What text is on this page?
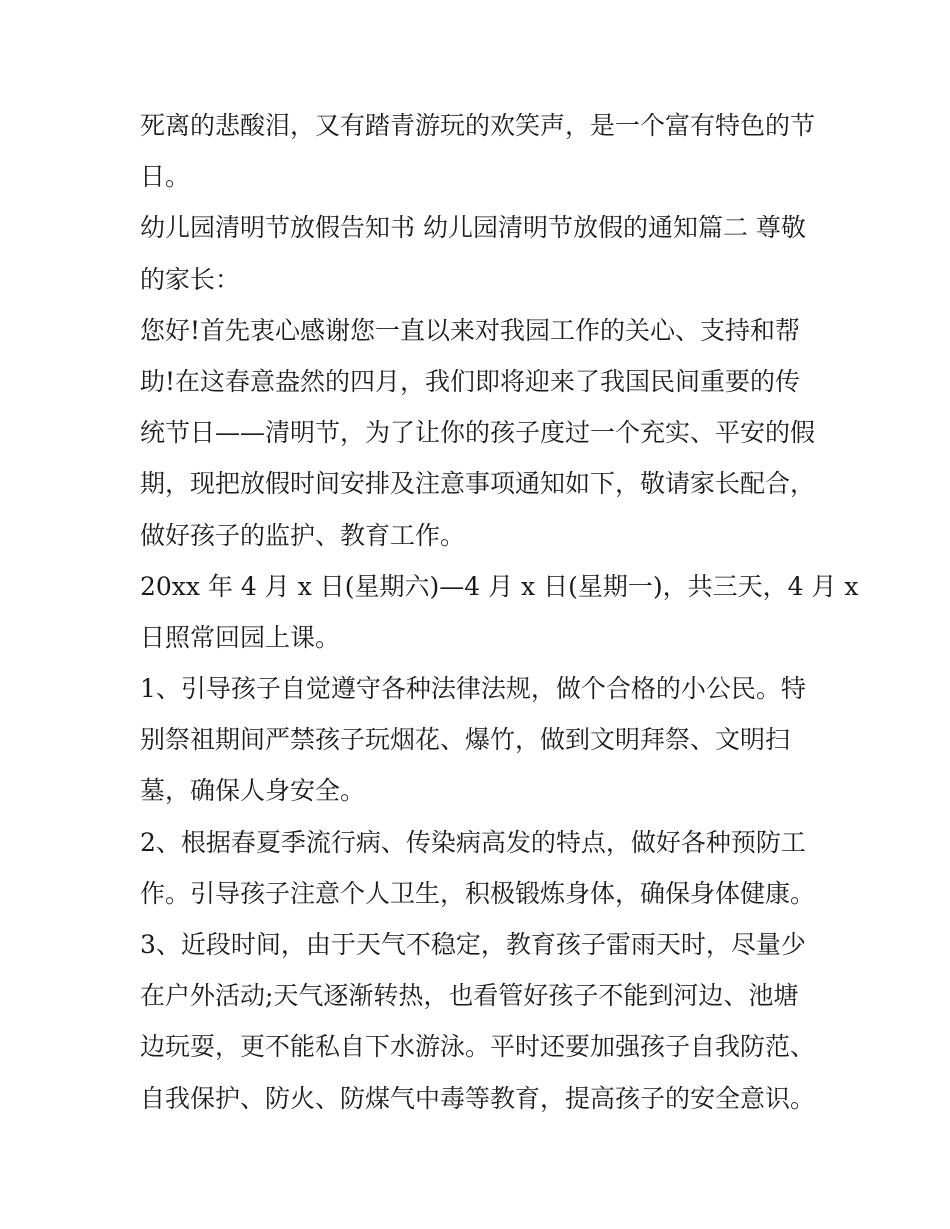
死离的悲酸泪，又有踏青游玩的欢笑声，是一个富有特色的节
日。
幼儿园清明节放假告知书 幼儿园清明节放假的通知篇二 尊敬
的家长：
您好!首先衷心感谢您一直以来对我园工作的关心、支持和帮
助!在这春意盎然的四月，我们即将迎来了我国民间重要的传
统节日——清明节，为了让你的孩子度过一个充实、平安的假
期，现把放假时间安排及注意事项通知如下，敬请家长配合，
做好孩子的监护、教育工作。
20xx 年 4 月 x 日(星期六)—4 月 x 日(星期一)，共三天，4 月 x
日照常回园上课。
1、引导孩子自觉遵守各种法律法规，做个合格的小公民。特
别祭祖期间严禁孩子玩烟花、爆竹，做到文明拜祭、文明扫
墓，确保人身安全。
2、根据春夏季流行病、传染病高发的特点，做好各种预防工
作。引导孩子注意个人卫生，积极锻炼身体，确保身体健康。
3、近段时间，由于天气不稳定，教育孩子雷雨天时，尽量少
在户外活动;天气逐渐转热，也看管好孩子不能到河边、池塘
边玩耍，更不能私自下水游泳。平时还要加强孩子自我防范、
自我保护、防火、防煤气中毒等教育，提高孩子的安全意识。
